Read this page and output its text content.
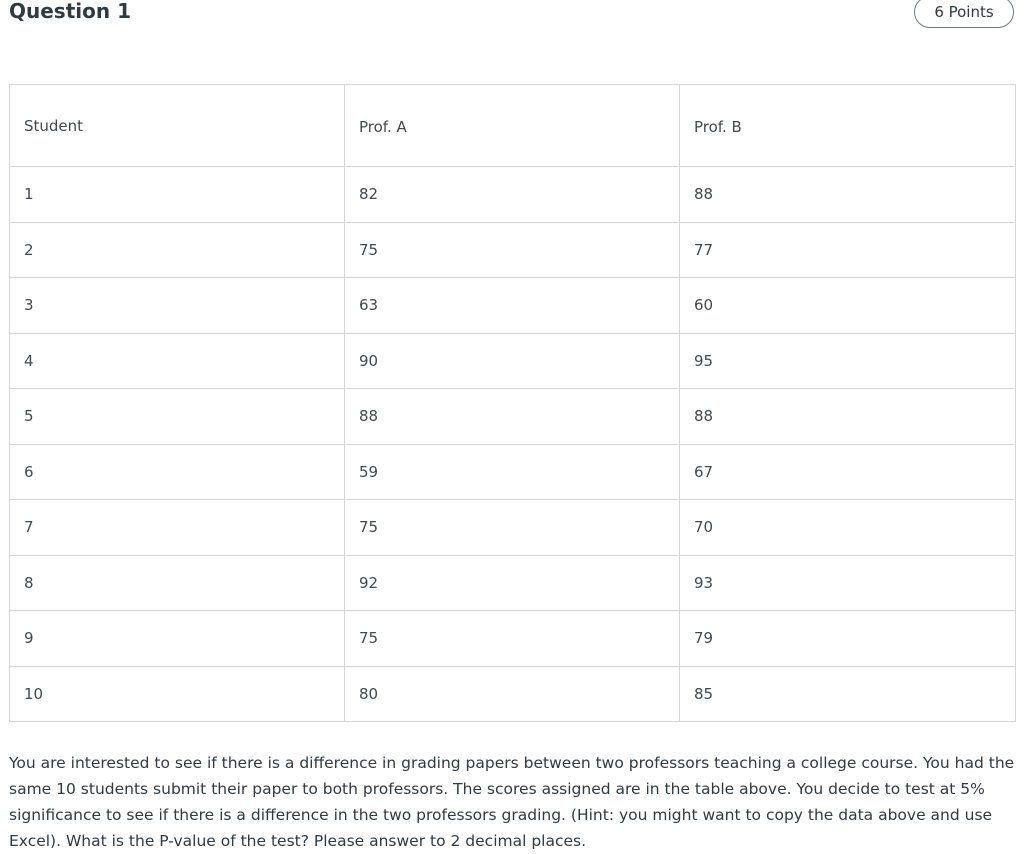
Question 1	6 Points
Student	Prof. A	Prof. B
1	82	88
2	75	77
3	63	60
4	90	95
5	88	88
6	59	67
7	75	70
8	92	93
9	75	79
10	80	85

You are interested to see if there is a difference in grading papers between two professors teaching a college course. You had the same 10 students submit their paper to both professors. The scores assigned are in the table above. You decide to test at 5% significance to see if there is a difference in the two professors grading. (Hint: you might want to copy the data above and use Excel). What is the P-value of the test? Please answer to 2 decimal places.
